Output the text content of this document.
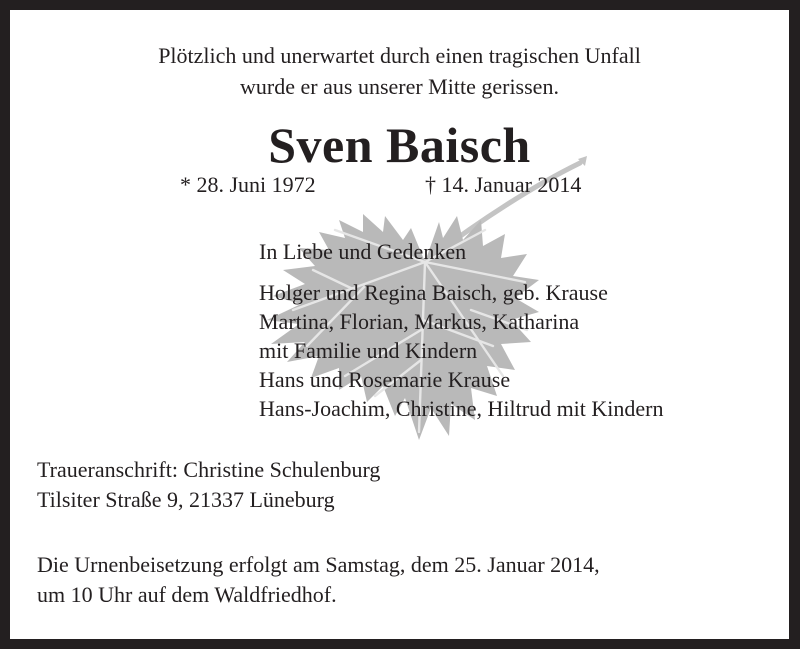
Plötzlich und unerwartet durch einen tragischen Unfall
wurde er aus unserer Mitte gerissen.
Sven Baisch
* 28. Juni 1972	† 14. Januar 2014
In Liebe und Gedenken
Holger und Regina Baisch, geb. Krause
Martina, Florian, Markus, Katharina
mit Familie und Kindern
Hans und Rosemarie Krause
Hans-Joachim, Christine, Hiltrud mit Kindern
Traueranschrift: Christine Schulenburg
Tilsiter Straße 9, 21337 Lüneburg
Die Urnenbeisetzung erfolgt am Samstag, dem 25. Januar 2014,
um 10 Uhr auf dem Waldfriedhof.
